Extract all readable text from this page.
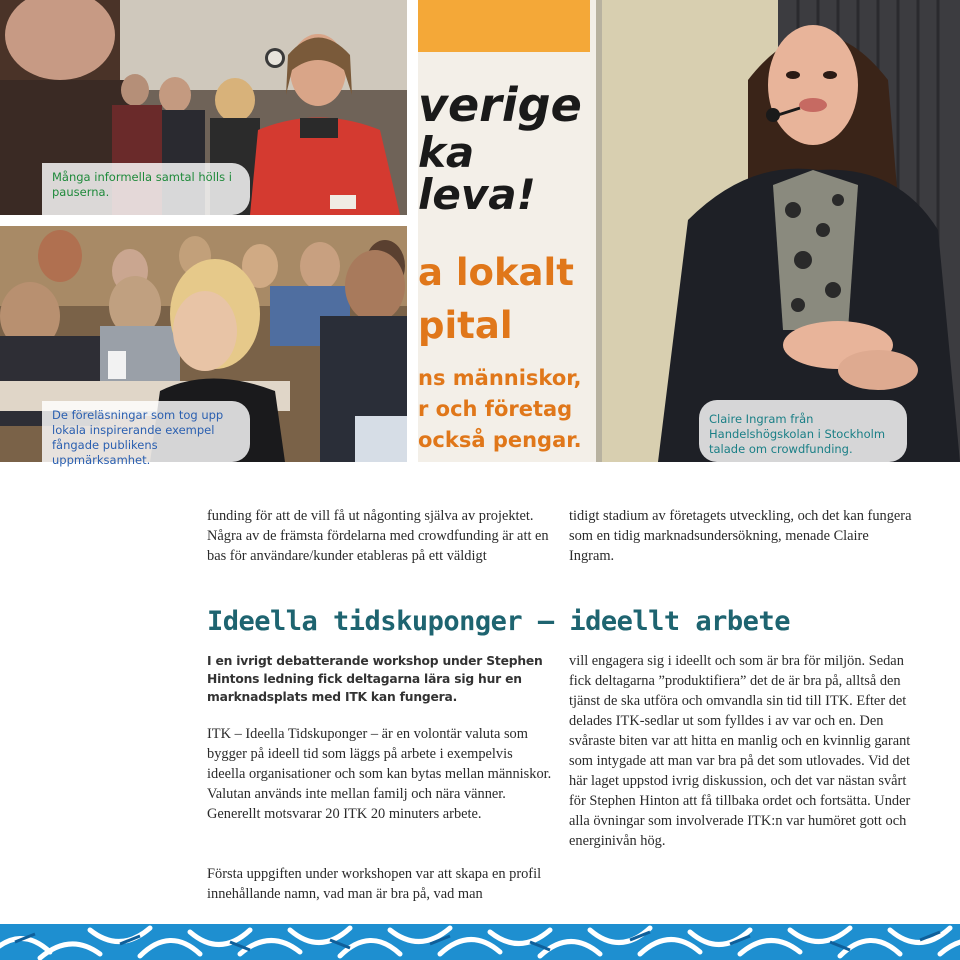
Många informella samtal hölls i pauserna.
De föreläsningar som tog upp lokala inspirerande exempel fångade publikens uppmärksamhet.
verige
ka leva!
a lokalt
pital
ns människor,
r och företag
också pengar.
Claire Ingram från Handelshögskolan i Stockholm talade om crowdfunding.

funding för att de vill få ut någonting själva av projektet. Några av de främsta fördelarna med crowdfunding är att en bas för användare/kunder etableras på ett väldigt

tidigt stadium av företagets utveckling, och det kan fungera som en tidig marknadsundersökning, menade Claire Ingram.

Ideella tidskuponger – ideellt arbete

I en ivrigt debatterande workshop under Stephen Hintons ledning fick deltagarna lära sig hur en marknadsplats med ITK kan fungera.

ITK – Ideella Tidskuponger – är en volontär valuta som bygger på ideell tid som läggs på arbete i exempelvis ideella organisationer och som kan bytas mellan människor. Valutan används inte mellan familj och nära vänner. Generellt motsvarar 20 ITK 20 minuters arbete.

Första uppgiften under workshopen var att skapa en profil innehållande namn, vad man är bra på, vad man

vill engagera sig i ideellt och som är bra för miljön. Sedan fick deltagarna ”produktifiera” det de är bra på, alltså den tjänst de ska utföra och omvandla sin tid till ITK. Efter det delades ITK-sedlar ut som fylldes i av var och en. Den svåraste biten var att hitta en manlig och en kvinnlig garant som intygade att man var bra på det som utlovades. Vid det här laget uppstod ivrig diskussion, och det var nästan svårt för Stephen Hinton att få tillbaka ordet och fortsätta. Under alla övningar som involverade ITK:n var humöret gott och energinivån hög.
